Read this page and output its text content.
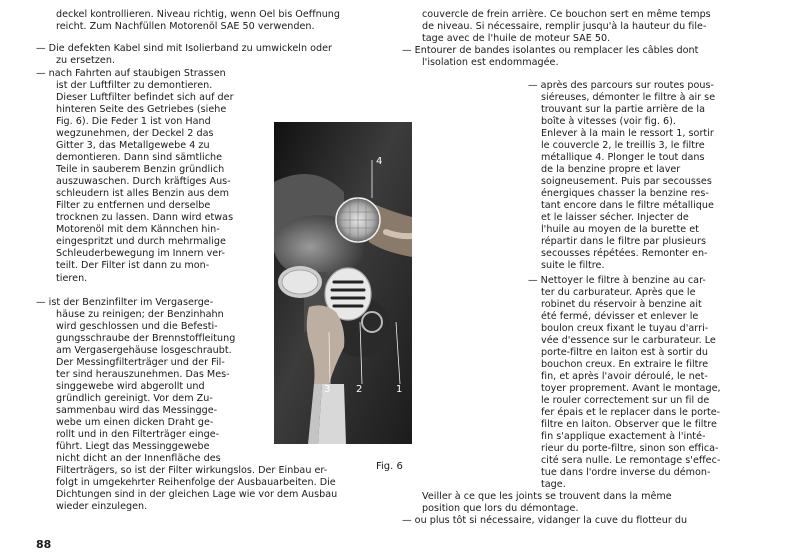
deckel kontrollieren. Niveau richtig, wenn Oel bis Oeffnung

reicht. Zum Nachfüllen Motorenöl SAE 50 verwenden.

— Die defekten Kabel sind mit Isolierband zu umwickeln oder

zu ersetzen.

— nach Fahrten auf staubigen Strassen

ist der Luftfilter zu demontieren.

Dieser Luftfilter befindet sich auf der

hinteren Seite des Getriebes (siehe

Fig. 6). Die Feder 1 ist von Hand

wegzunehmen, der Deckel 2 das

Gitter 3, das Metallgewebe 4 zu

demontieren. Dann sind sämtliche

Teile in sauberem Benzin gründlich

auszuwaschen. Durch kräftiges Aus-

schleudern ist alles Benzin aus dem

Filter zu entfernen und derselbe

trocknen zu lassen. Dann wird etwas

Motorenöl mit dem Kännchen hin-

eingespritzt und durch mehrmalige

Schleuderbewegung im Innern ver-

teilt. Der Filter ist dann zu mon-

tieren.

— ist der Benzinfilter im Vergaserge-

häuse zu reinigen; der Benzinhahn

wird geschlossen und die Befesti-

gungsschraube der Brennstoffleitung

am Vergasergehäuse losgeschraubt.

Der Messingfilterträger und der Fil-

ter sind herauszunehmen. Das Mes-

singgewebe wird abgerollt und

gründlich gereinigt. Vor dem Zu-

sammenbau wird das Messingge-

webe um einen dicken Draht ge-

rollt und in den Filterträger einge-

führt. Liegt das Messinggewebe

nicht dicht an der Innenfläche des

Filterträgers, so ist der Filter wirkungslos. Der Einbau er-

folgt in umgekehrter Reihenfolge der Ausbauarbeiten. Die

Dichtungen sind in der gleichen Lage wie vor dem Ausbau

wieder einzulegen.

couvercle de frein arrière. Ce bouchon sert en même temps

de niveau. Si nécessaire, remplir jusqu'à la hauteur du file-

tage avec de l'huile de moteur SAE 50.

— Entourer de bandes isolantes ou remplacer les câbles dont

l'isolation est endommagée.

— après des parcours sur routes pous-

siéreuses, démonter le filtre à air se

trouvant sur la partie arrière de la

boîte à vitesses (voir fig. 6).

Enlever à la main le ressort 1, sortir

le couvercle 2, le treillis 3, le filtre

métallique 4. Plonger le tout dans

de la benzine propre et laver

soigneusement. Puis par secousses

énergiques chasser la benzine res-

tant encore dans le filtre métallique

et le laisser sécher. Injecter de

l'huile au moyen de la burette et

répartir dans le filtre par plusieurs

secousses répétées. Remonter en-

suite le filtre.

— Nettoyer le filtre à benzine au car-

ter du carburateur. Après que le

robinet du réservoir à benzine ait

été fermé, dévisser et enlever le

boulon creux fixant le tuyau d'arri-

vée d'essence sur le carburateur. Le

porte-filtre en laiton est à sortir du

bouchon creux. En extraire le filtre

fin, et après l'avoir déroulé, le net-

toyer proprement. Avant le montage,

le rouler correctement sur un fil de

fer épais et le replacer dans le porte-

filtre en laiton. Observer que le filtre

fin s'applique exactement à l'inté-

rieur du porte-filtre, sinon son effica-

cité sera nulle. Le remontage s'effec-

tue dans l'ordre inverse du démon-

tage.

Veiller à ce que les joints se trouvent dans la même

position que lors du démontage.

— ou plus tôt si nécessaire, vidanger la cuve du flotteur du

4
3	2	1

Fig. 6

88
